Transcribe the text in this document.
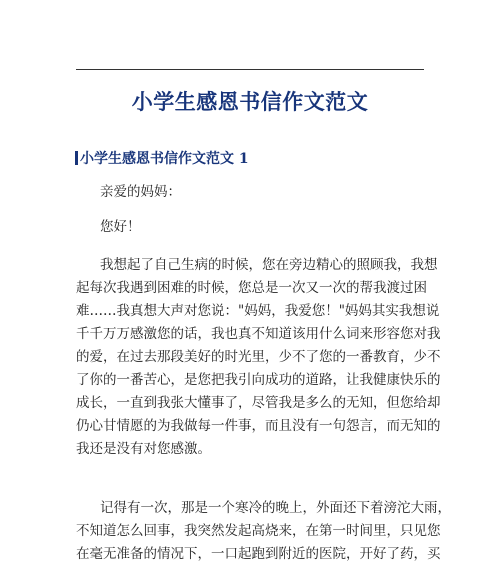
小学生感恩书信作文范文
小学生感恩书信作文范文 1
亲爱的妈妈：
您好！
我想起了自己生病的时候，您在旁边精心的照顾我，我想
起每次我遇到困难的时候，您总是一次又一次的帮我渡过困
难……我真想大声对您说："妈妈，我爱您！"妈妈其实我想说
千千万万感激您的话，我也真不知道该用什么词来形容您对我
的爱，在过去那段美好的时光里，少不了您的一番教育，少不
了你的一番苦心，是您把我引向成功的道路，让我健康快乐的
成长，一直到我张大懂事了，尽管我是多么的无知，但您给却
仍心甘情愿的为我做每一件事，而且没有一句怨言，而无知的
我还是没有对您感激。
记得有一次，那是一个寒冷的晚上，外面还下着滂沱大雨，
不知道怎么回事，我突然发起高烧来，在第一时间里，只见您
在毫无准备的情况下，一口起跑到附近的医院，开好了药，买
